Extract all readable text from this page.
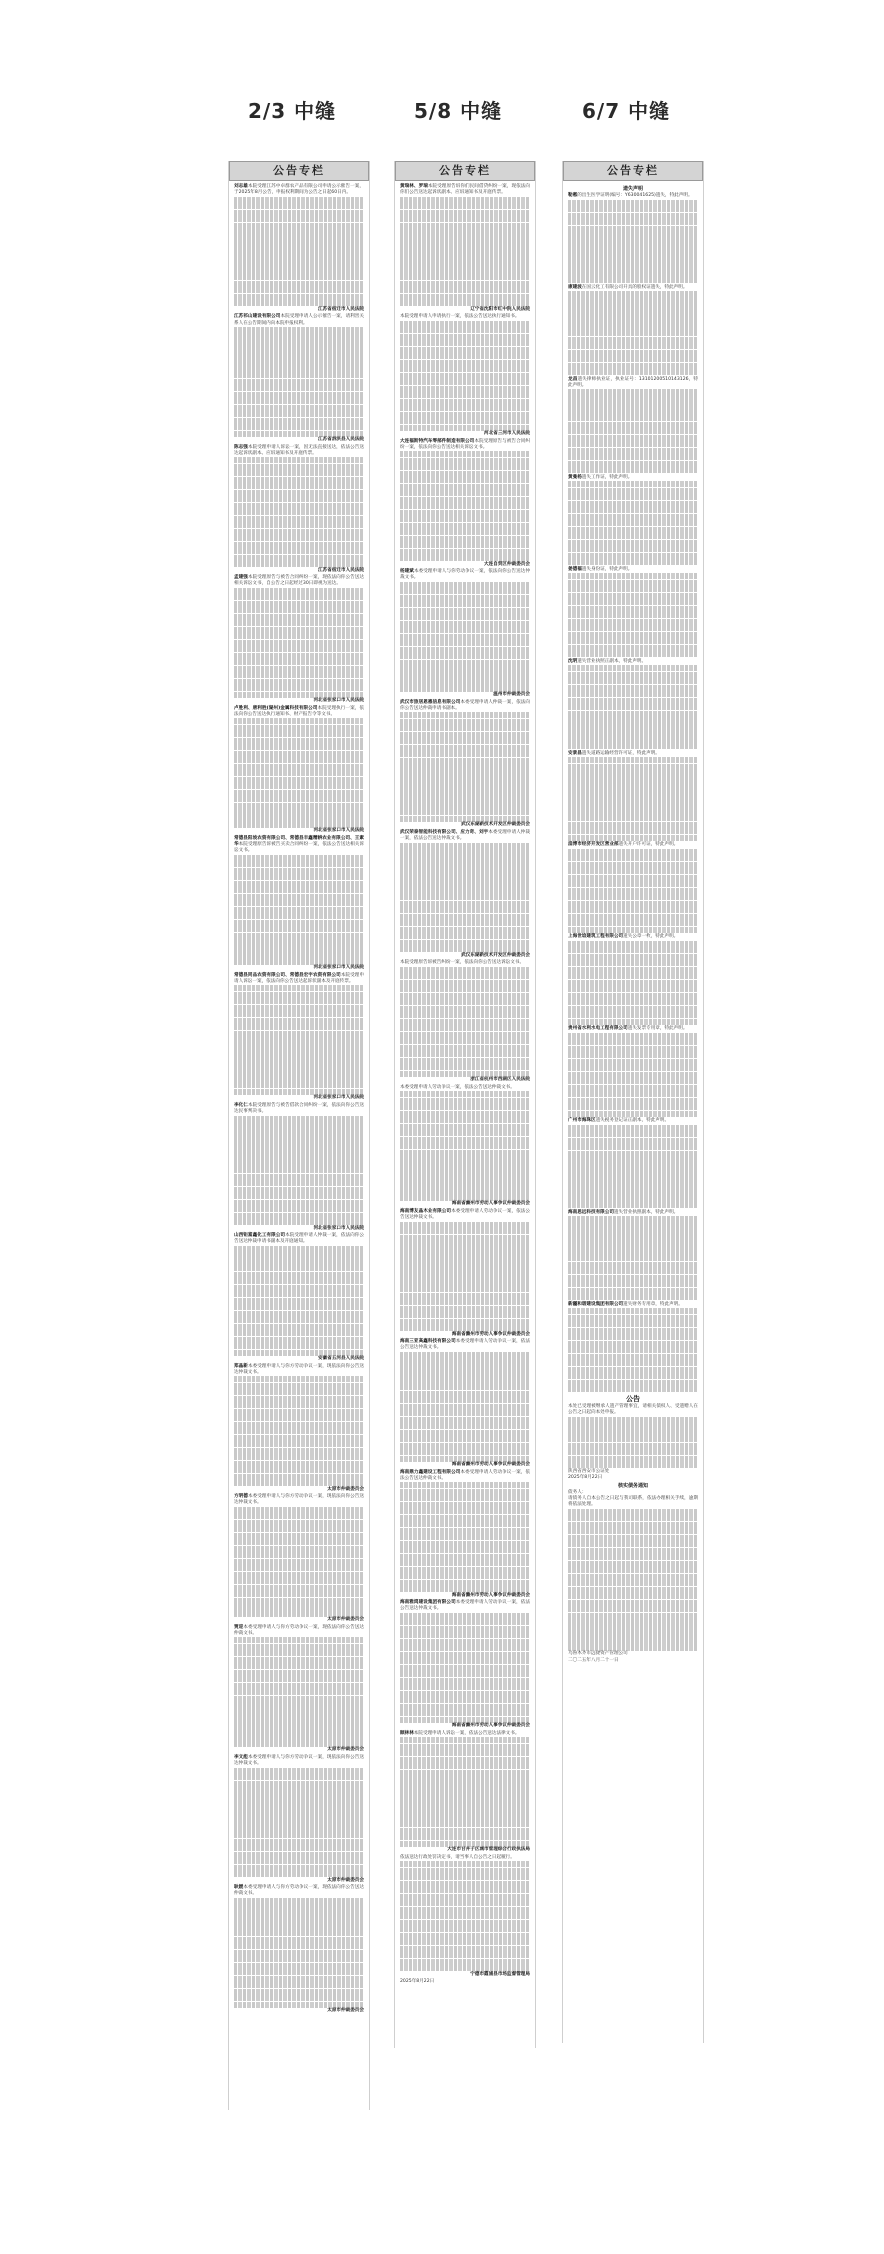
2/3 中缝	5/8 中缝	6/7 中缝
公告专栏
刘志雄本院受理江苏中卓群农产品有限公司申请公示催告一案，于2025年8月公告，申报权利期间为公告之日起60日内。
江苏省宿迁市人民法院
江苏祁山建设有限公司本院受理申请人公示催告一案，请利害关系人在公告期间内向本院申报权利。
江苏省泗洪县人民法院
陈志强本院受理申请人诉讼一案，因无法直接送达，依法公告送达起诉状副本、应诉通知书及开庭传票。
江苏省宿迁市人民法院
孟建强本院受理原告与被告合同纠纷一案，现依法向你公告送达相关诉讼文书，自公告之日起经过30日即视为送达。
河北省张家口市人民法院
卢胜利、唐利胜(湖州)金属科技有限公司本院受理执行一案，依法向你公告送达执行通知书、财产报告令等文书。
河北省张家口市人民法院
常德县阳坡农资有限公司、常德县丰鑫精耕农业有限公司、王素华本院受理原告诉被告买卖合同纠纷一案，依法公告送达相关诉讼文书。
河北省张家口市人民法院
常德县同品农资有限公司、常德县宏宇农资有限公司本院受理申请人诉讼一案，依法向你公告送达起诉状副本及开庭传票。
河北省张家口市人民法院
李化仁本院受理原告与被告借款合同纠纷一案，依法向你公告送达民事判决书。
河北省张家口市人民法院
山西钜富鑫化工有限公司本院受理申请人仲裁一案，依法向你公告送达仲裁申请书副本及开庭通知。
安徽省五河县人民法院
郑晶新本委受理申请人与你方劳动争议一案，现依法向你公告送达仲裁文书。
太原市仲裁委员会
方明德本委受理申请人与你方劳动争议一案，现依法向你公告送达仲裁文书。
太原市仲裁委员会
贾迎本委受理申请人与你方劳动争议一案，现依法向你公告送达仲裁文书。
太原市仲裁委员会
李文彪本委受理申请人与你方劳动争议一案，现依法向你公告送达仲裁文书。
太原市仲裁委员会
耿媛本委受理申请人与你方劳动争议一案，现依法向你公告送达仲裁文书。
太原市仲裁委员会
公告专栏
黄瑞林、罗瑞本院受理原告诉你们民间借贷纠纷一案，现依法向你们公告送达起诉状副本、应诉通知书及开庭传票。
辽宁省沈阳市红中院人民法院
本院受理申请人申请执行一案，依法公告送达执行通知书。
河北省三河市人民法院
大连福斯特汽车零部件制造有限公司本院受理原告与被告合同纠纷一案，依法向你公告送达相关诉讼文书。
大连自贸区仲裁委员会
杨建斌本委受理申请人与你劳动争议一案，依法向你公告送达仲裁文书。
温州市仲裁委员会
武汉市旅居恩惠信息有限公司本委受理申请人仲裁一案，依法向你公告送达仲裁申请书副本。
武汉东湖新技术开发区仲裁委员会
武汉荣泰智能科技有限公司、应力奇、刘宇本委受理申请人仲裁一案，依法公告送达仲裁文书。
武汉东湖新技术开发区仲裁委员会
本院受理原告诉被告纠纷一案，依法向你公告送达诉讼文书。
浙江省杭州市西湖区人民法院
本委受理申请人劳动争议一案，依法公告送达仲裁文书。
海南省儋州市劳动人事争议仲裁委员会
海南博友晶木业有限公司本委受理申请人劳动争议一案，依法公告送达仲裁文书。
海南省儋州市劳动人事争议仲裁委员会
海南三亚高鑫科技有限公司本委受理申请人劳动争议一案，依法公告送达仲裁文书。
海南省儋州市劳动人事争议仲裁委员会
海南鼎力鑫建设工程有限公司本委受理申请人劳动争议一案，依法公告送达仲裁文书。
海南省儋州市劳动人事争议仲裁委员会
海南雅鸿建设集团有限公司本委受理申请人劳动争议一案，依法公告送达仲裁文书。
海南省儋州市劳动人事争议仲裁委员会
顾林林本院受理申请人诉讼一案，依法公告送达法律文书。
大连市甘井子区城市管理综合行政执法局
依法送达行政处罚决定书，请当事人自公告之日起履行。
宁德市霞浦县市场监督管理局
2025年8月22日
公告专栏
遗失声明
勒惠的出生医学证明(编号：Y630041625)遗失，特此声明。
康建波在国云化工有限公司开具的股权证遗失，特此声明。
龙昌遗失律师执业证，执业证号：13101200510143126，特此声明。
黄曼杨遗失工作证，特此声明。
姜德福遗失身份证，特此声明。
沈明遗失营业执照正副本，特此声明。
安景昌遗失道路运输经营许可证，特此声明。
淄博市经济开发区营业部遗失开户许可证，特此声明。
上海世谊建筑工程有限公司遗失公章一枚，特此声明。
贵州省水利水电工程有限公司遗失发票专用章，特此声明。
广州市海珠区遗失税务登记证正副本，特此声明。
海南思远科技有限公司遗失营业执照副本，特此声明。
新疆和谐建设集团有限公司遗失财务专用章，特此声明。
公告
本处已受理被继承人遗产管理事宜，请相关债权人、受遗赠人在公告之日起向本处申报。
陕西省西安市公证处
2025年8月22日
核实债务通知
债务人：
请债务人自本公告之日起与我司联系，依法办理相关手续，逾期将依法处理。
乌鲁木齐市远捷资产管理公司
二〇二五年八月二十一日
